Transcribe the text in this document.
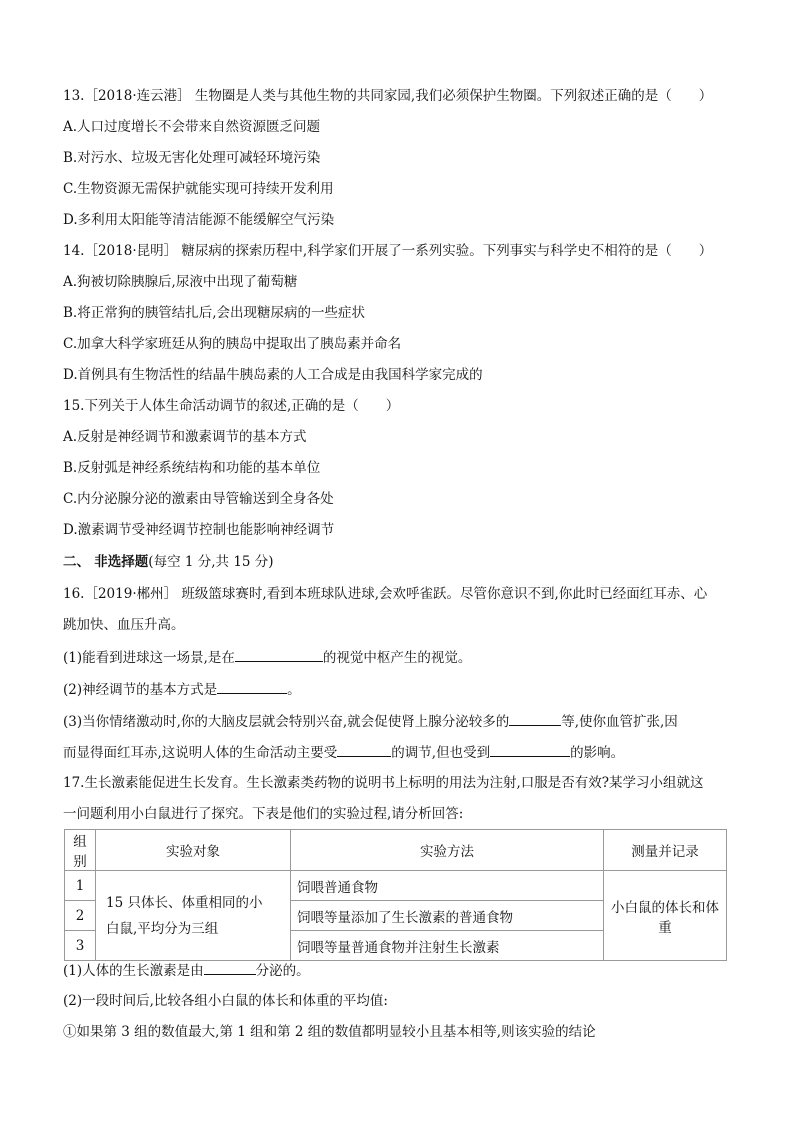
13.［2018·连云港］ 生物圈是人类与其他生物的共同家园,我们必须保护生物圈。下列叙述正确的是（　　）
A.人口过度增长不会带来自然资源匮乏问题
B.对污水、垃圾无害化处理可减轻环境污染
C.生物资源无需保护就能实现可持续开发利用
D.多利用太阳能等清洁能源不能缓解空气污染
14.［2018·昆明］ 糖尿病的探索历程中,科学家们开展了一系列实验。下列事实与科学史不相符的是（　　）
A.狗被切除胰腺后,尿液中出现了葡萄糖
B.将正常狗的胰管结扎后,会出现糖尿病的一些症状
C.加拿大科学家班廷从狗的胰岛中提取出了胰岛素并命名
D.首例具有生物活性的结晶牛胰岛素的人工合成是由我国科学家完成的
15.下列关于人体生命活动调节的叙述,正确的是（　　）
A.反射是神经调节和激素调节的基本方式
B.反射弧是神经系统结构和功能的基本单位
C.内分泌腺分泌的激素由导管输送到全身各处
D.激素调节受神经调节控制也能影响神经调节
二、 非选择题(每空 1 分,共 15 分)
16.［2019·郴州］ 班级篮球赛时,看到本班球队进球,会欢呼雀跃。尽管你意识不到,你此时已经面红耳赤、心
跳加快、血压升高。
(1)能看到进球这一场景,是在	的视觉中枢产生的视觉。
(2)神经调节的基本方式是	。
(3)当你情绪激动时,你的大脑皮层就会特别兴奋,就会促使肾上腺分泌较多的	等,使你血管扩张,因
而显得面红耳赤,这说明人体的生命活动主要受	的调节,但也受到	的影响。
17.生长激素能促进生长发育。生长激素类药物的说明书上标明的用法为注射,口服是否有效?某学习小组就这
一问题利用小白鼠进行了探究。下表是他们的实验过程,请分析回答:
组别	实验对象	实验方法	测量并记录
1	15 只体长、体重相同的小
白鼠,平均分为三组	饲喂普通食物	小白鼠的体长和体重
2		饲喂等量添加了生长激素的普通食物	
3		饲喂等量普通食物并注射生长激素	
(1)人体的生长激素是由	分泌的。
(2)一段时间后,比较各组小白鼠的体长和体重的平均值:
①如果第 3 组的数值最大,第 1 组和第 2 组的数值都明显较小且基本相等,则该实验的结论
